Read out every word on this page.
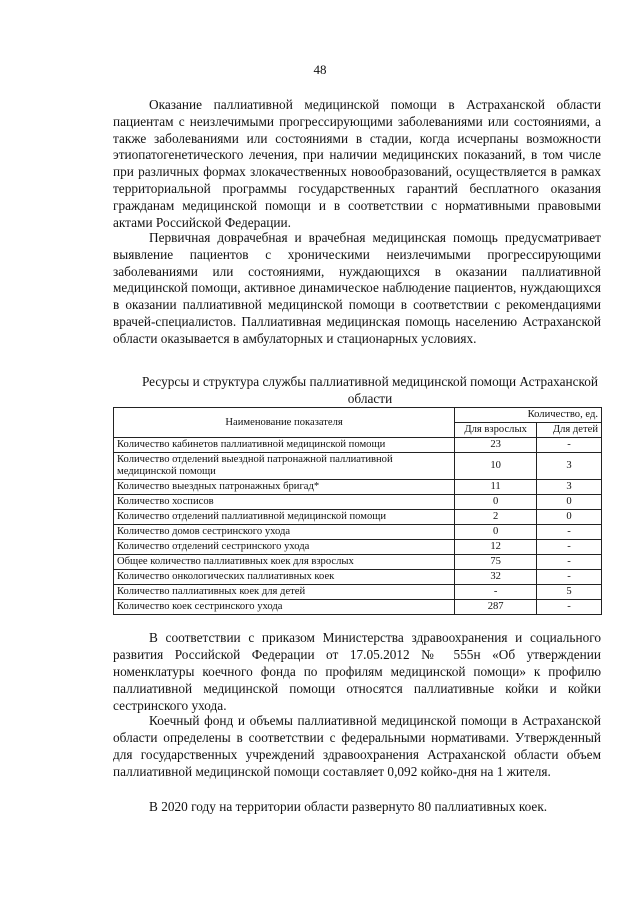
48

Оказание паллиативной медицинской помощи в Астраханской области пациентам с неизлечимыми прогрессирующими заболеваниями или состояниями, а также заболеваниями или состояниями в стадии, когда исчерпаны возможности этиопатогенетического лечения, при наличии медицинских показаний, в том числе при различных формах злокачественных новообразований, осуществляется в рамках территориальной программы государственных гарантий бесплатного оказания гражданам медицинской помощи и в соответствии с нормативными правовыми актами Российской Федерации.

Первичная доврачебная и врачебная медицинская помощь предусматривает выявление пациентов с хроническими неизлечимыми прогрессирующими заболеваниями или состояниями, нуждающихся в оказании паллиативной медицинской помощи, активное динамическое наблюдение пациентов, нуждающихся в оказании паллиативной медицинской помощи в соответствии с рекомендациями врачей-специалистов. Паллиативная медицинская помощь населению Астраханской области оказывается в амбулаторных и стационарных условиях.

Ресурсы и структура службы паллиативной медицинской помощи Астраханской области

Наименование показателя	Количество, ед.	
	Для взрослых	Для детей
Количество кабинетов паллиативной медицинской помощи	23	-
Количество отделений выездной патронажной паллиативной медицинской помощи	10	3
Количество выездных патронажных бригад*	11	3
Количество хосписов	0	0
Количество отделений паллиативной медицинской помощи	2	0
Количество домов сестринского ухода	0	-
Количество отделений сестринского ухода	12	-
Общее количество паллиативных коек для взрослых	75	-
Количество онкологических паллиативных коек	32	-
Количество паллиативных коек для детей	-	5
Количество коек сестринского ухода	287	-

В соответствии с приказом Министерства здравоохранения и социального развития Российской Федерации от 17.05.2012 № 555н «Об утверждении номенклатуры коечного фонда по профилям медицинской помощи» к профилю паллиативной медицинской помощи относятся паллиативные койки и койки сестринского ухода.

Коечный фонд и объемы паллиативной медицинской помощи в Астраханской области определены в соответствии с федеральными нормативами. Утвержденный для государственных учреждений здравоохранения Астраханской области объем паллиативной медицинской помощи составляет 0,092 койко-дня на 1 жителя.

В 2020 году на территории области развернуто 80 паллиативных коек.
